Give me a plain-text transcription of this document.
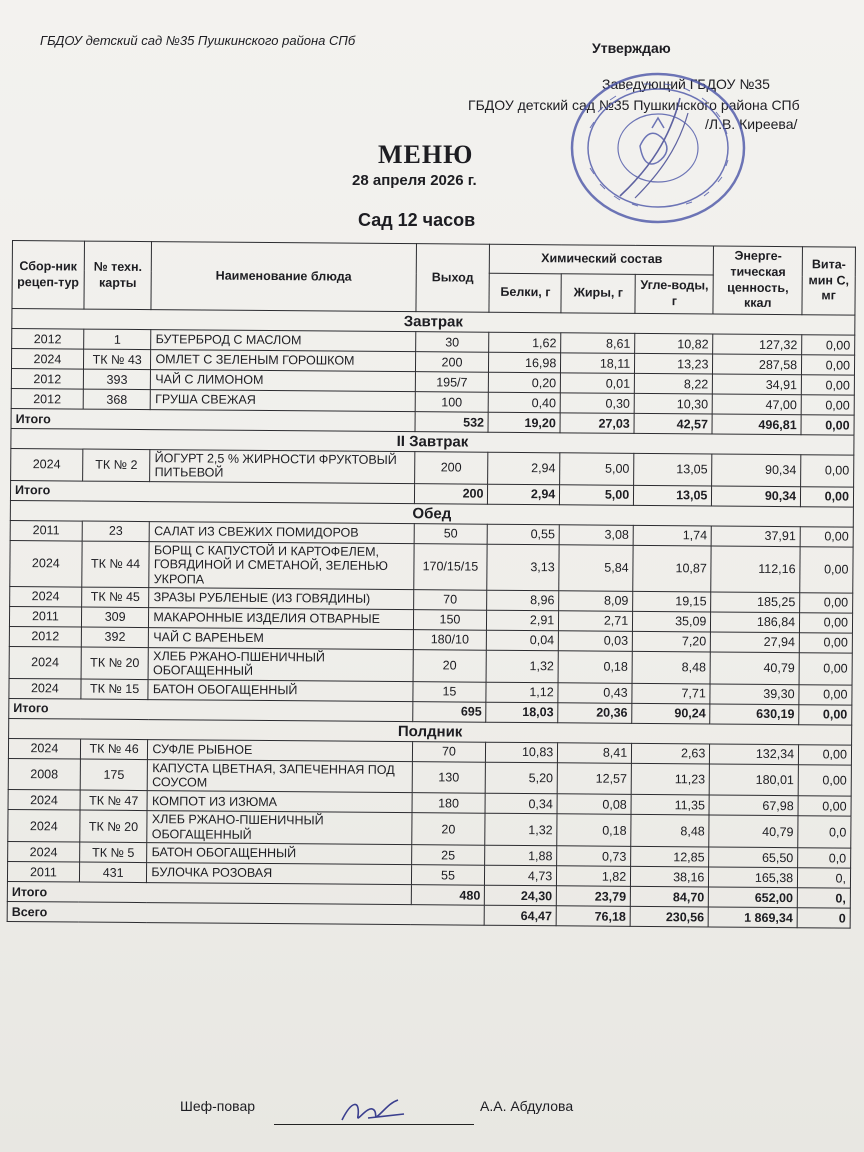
ГБДОУ детский сад №35 Пушкинского района СПб	Утверждаю
Заведующий ГБДОУ №35
ГБДОУ детский сад №35 Пушкинского района СПб
/Л.В. Киреева/
МЕНЮ
28 апреля 2026 г.
Сад 12 часов
Сбор-ник рецеп-тур	№ техн. карты	Наименование блюда	Выход	Химический состав			Энерге-тическая ценность, ккал	Вита-мин С, мг
				Белки, г	Жиры, г	Угле-воды, г		
Завтрак								
2012	1	БУТЕРБРОД С МАСЛОМ	30	1,62	8,61	10,82	127,32	0,00
2024	ТК № 43	ОМЛЕТ С ЗЕЛЕНЫМ ГОРОШКОМ	200	16,98	18,11	13,23	287,58	0,00
2012	393	ЧАЙ С ЛИМОНОМ	195/7	0,20	0,01	8,22	34,91	0,00
2012	368	ГРУША СВЕЖАЯ	100	0,40	0,30	10,30	47,00	0,00
Итого			532	19,20	27,03	42,57	496,81	0,00
II Завтрак								
2024	ТК № 2	ЙОГУРТ 2,5 % ЖИРНОСТИ ФРУКТОВЫЙ ПИТЬЕВОЙ	200	2,94	5,00	13,05	90,34	0,00
Итого			200	2,94	5,00	13,05	90,34	0,00
Обед								
2011	23	САЛАТ ИЗ СВЕЖИХ ПОМИДОРОВ	50	0,55	3,08	1,74	37,91	0,00
2024	ТК № 44	БОРЩ С КАПУСТОЙ И КАРТОФЕЛЕМ, ГОВЯДИНОЙ И СМЕТАНОЙ, ЗЕЛЕНЬЮ УКРОПА	170/15/15	3,13	5,84	10,87	112,16	0,00
2024	ТК № 45	ЗРАЗЫ РУБЛЕНЫЕ (ИЗ ГОВЯДИНЫ)	70	8,96	8,09	19,15	185,25	0,00
2011	309	МАКАРОННЫЕ ИЗДЕЛИЯ ОТВАРНЫЕ	150	2,91	2,71	35,09	186,84	0,00
2012	392	ЧАЙ С ВАРЕНЬЕМ	180/10	0,04	0,03	7,20	27,94	0,00
2024	ТК № 20	ХЛЕБ РЖАНО-ПШЕНИЧНЫЙ ОБОГАЩЕННЫЙ	20	1,32	0,18	8,48	40,79	0,00
2024	ТК № 15	БАТОН ОБОГАЩЕННЫЙ	15	1,12	0,43	7,71	39,30	0,00
Итого			695	18,03	20,36	90,24	630,19	0,00
Полдник								
2024	ТК № 46	СУФЛЕ РЫБНОЕ	70	10,83	8,41	2,63	132,34	0,00
2008	175	КАПУСТА ЦВЕТНАЯ, ЗАПЕЧЕННАЯ ПОД СОУСОМ	130	5,20	12,57	11,23	180,01	0,00
2024	ТК № 47	КОМПОТ ИЗ ИЗЮМА	180	0,34	0,08	11,35	67,98	0,00
2024	ТК № 20	ХЛЕБ РЖАНО-ПШЕНИЧНЫЙ ОБОГАЩЕННЫЙ	20	1,32	0,18	8,48	40,79	0,0
2024	ТК № 5	БАТОН ОБОГАЩЕННЫЙ	25	1,88	0,73	12,85	65,50	0,0
2011	431	БУЛОЧКА РОЗОВАЯ	55	4,73	1,82	38,16	165,38	0,
Итого			480	24,30	23,79	84,70	652,00	0,
Всего				64,47	76,18	230,56	1 869,34	0
Шеф-повар	А.А. Абдулова
